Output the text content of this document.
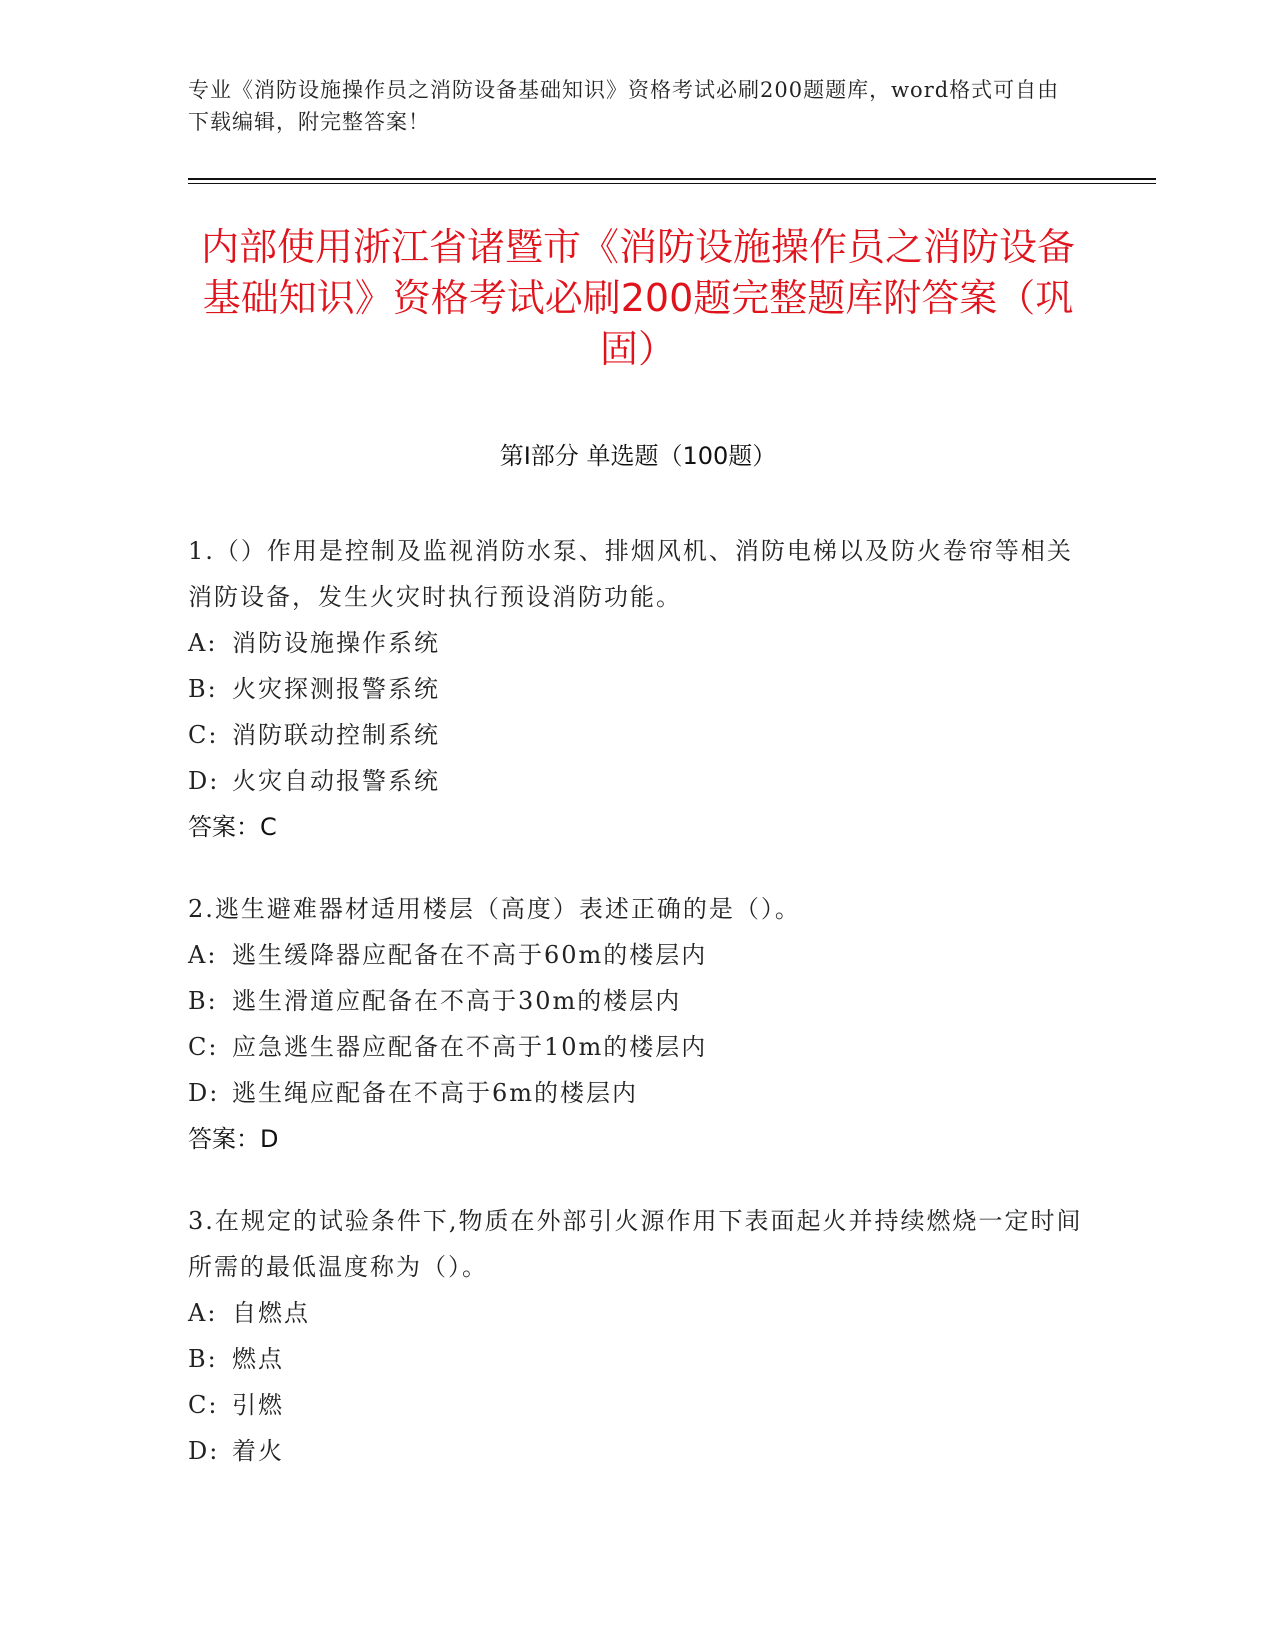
专业《消防设施操作员之消防设备基础知识》资格考试必刷200题题库，word格式可自由下载编辑，附完整答案！
内部使用浙江省诸暨市《消防设施操作员之消防设备基础知识》资格考试必刷200题完整题库附答案（巩固）
第Ⅰ部分 单选题（100题）

1.（）作用是控制及监视消防水泵、排烟风机、消防电梯以及防火卷帘等相关消防设备，发生火灾时执行预设消防功能。

A: 消防设施操作系统

B: 火灾探测报警系统

C: 消防联动控制系统

D: 火灾自动报警系统

答案：C

2.逃生避难器材适用楼层（高度）表述正确的是（）。

A: 逃生缓降器应配备在不高于60m的楼层内

B: 逃生滑道应配备在不高于30m的楼层内

C: 应急逃生器应配备在不高于10m的楼层内

D: 逃生绳应配备在不高于6m的楼层内

答案：D

3.在规定的试验条件下,物质在外部引火源作用下表面起火并持续燃烧一定时间所需的最低温度称为（）。

A: 自燃点

B: 燃点

C: 引燃

D: 着火
